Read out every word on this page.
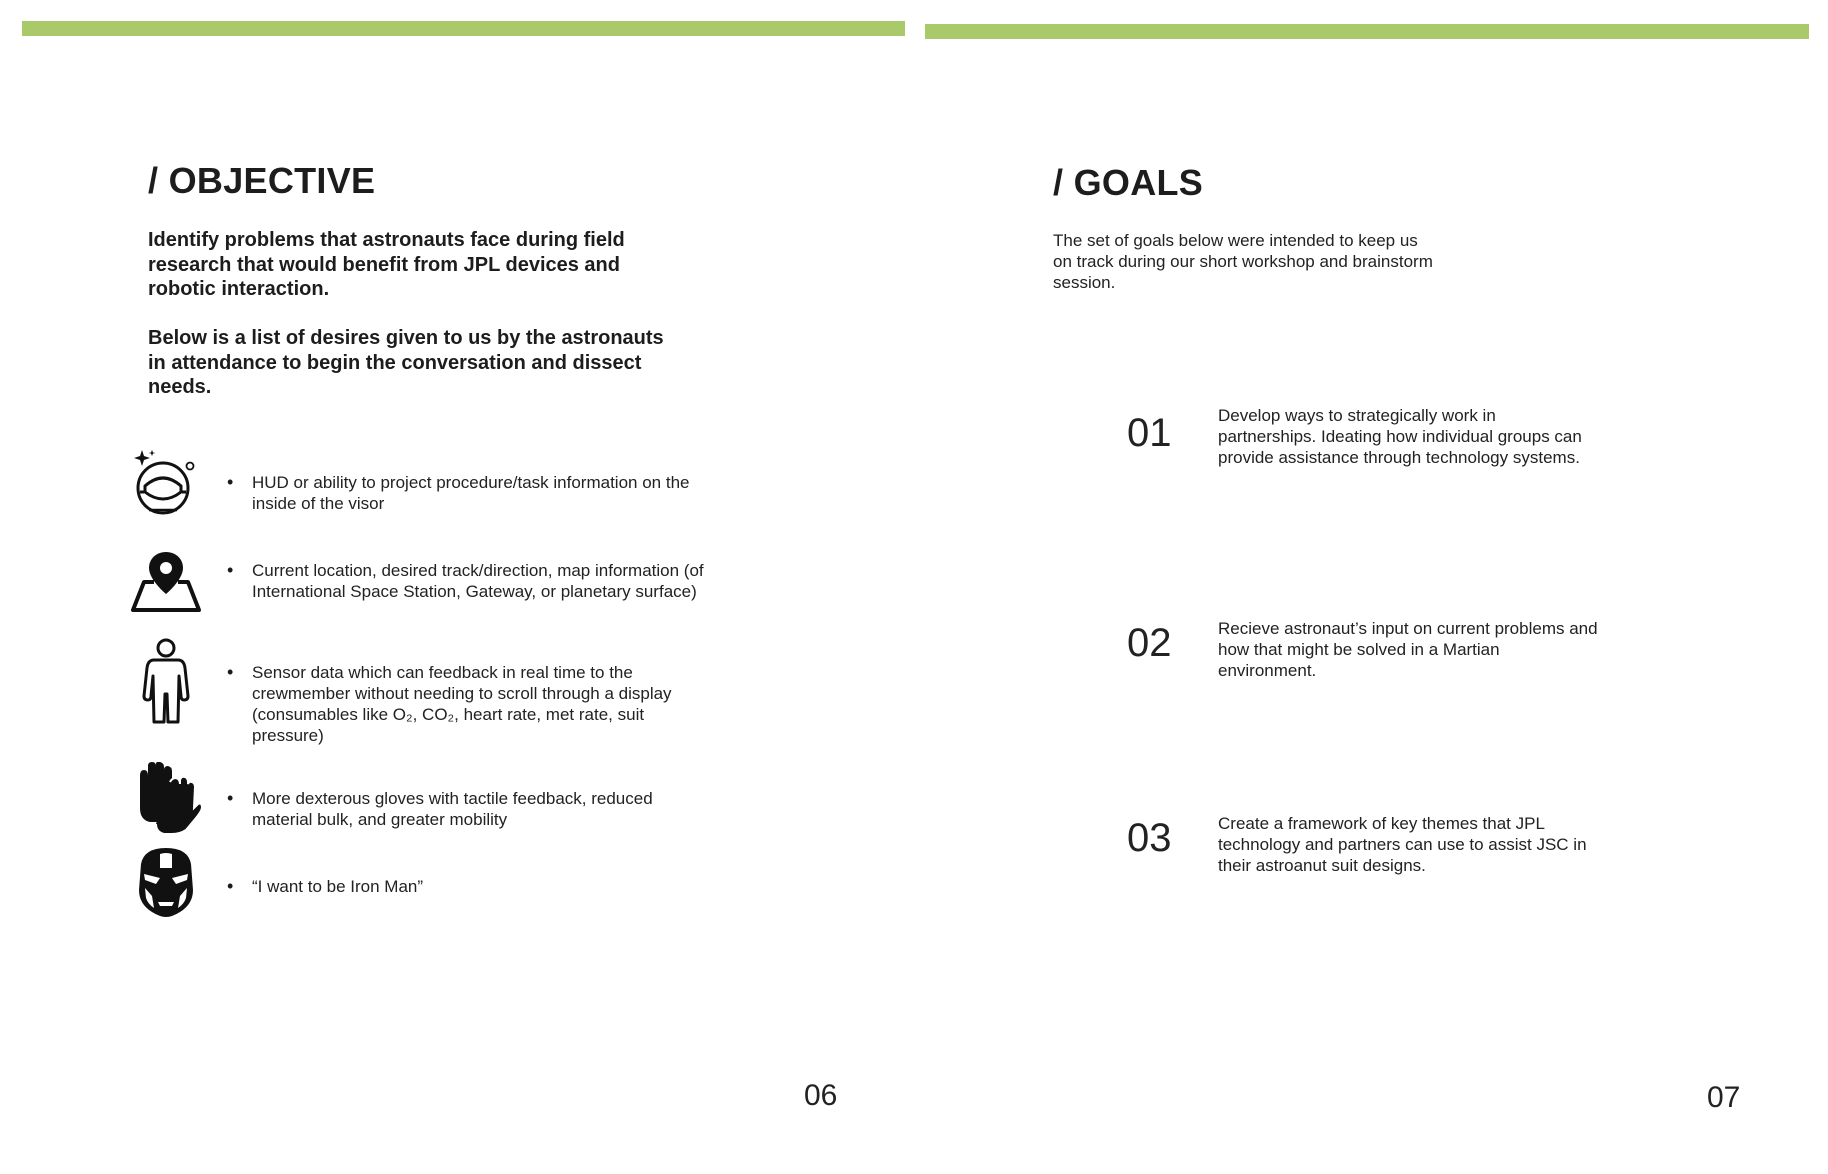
/ OBJECTIVE

Identify problems that astronauts face during field research that would benefit from JPL devices and robotic interaction.

Below is a list of desires given to us by the astronauts in attendance to begin the conversation and dissect needs.

• HUD or ability to project procedure/task information on the inside of the visor
• Current location, desired track/direction, map information (of International Space Station, Gateway, or planetary surface)
• Sensor data which can feedback in real time to the crewmember without needing to scroll through a display (consumables like O₂, CO₂, heart rate, met rate, suit pressure)
• More dexterous gloves with tactile feedback, reduced material bulk, and greater mobility
• “I want to be Iron Man”
06
/ GOALS

The set of goals below were intended to keep us on track during our short workshop and brainstorm session.

01	Develop ways to strategically work in partnerships. Ideating how individual groups can provide assistance through technology systems.
02	Recieve astronaut’s input on current problems and how that might be solved in a Martian environment.
03	Create a framework of key themes that JPL technology and partners can use to assist JSC in their astroanut suit designs.
07
